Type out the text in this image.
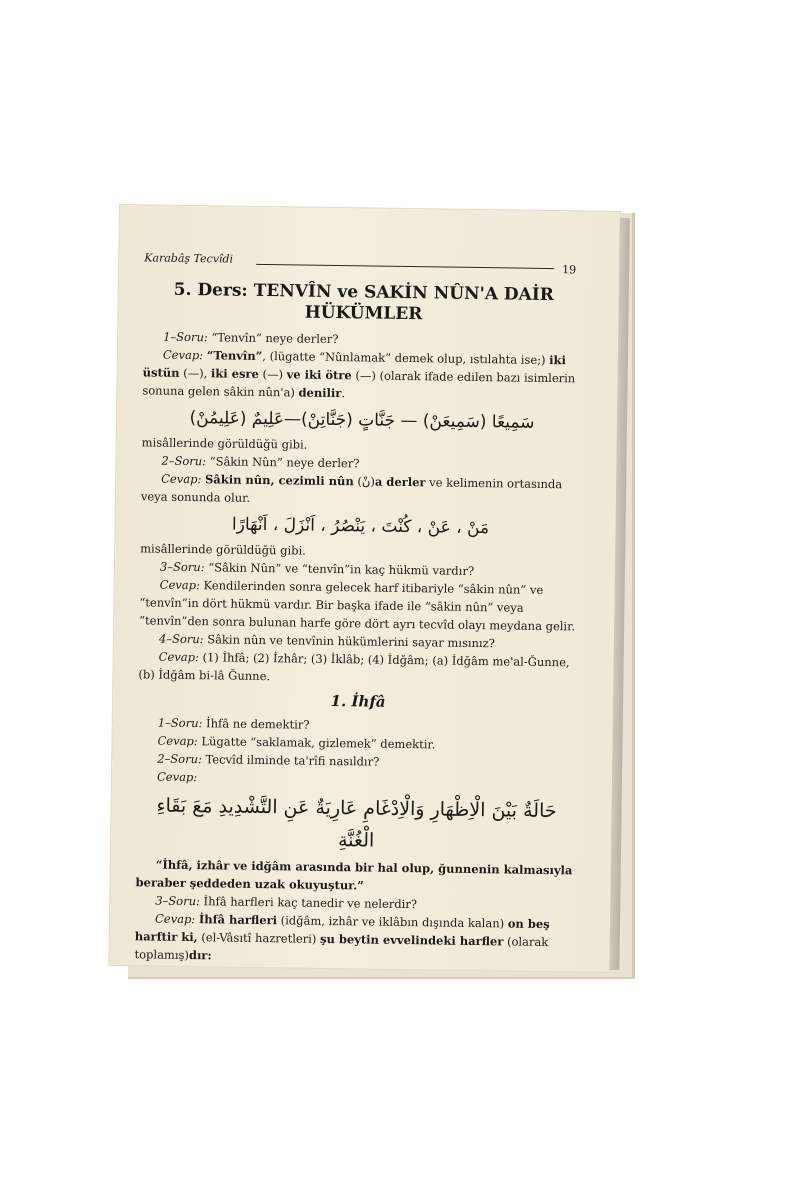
Karabâş Tecvîdi
19
5. Ders: TENVÎN ve SAKİN NÛN'A DAİR
HÜKÜMLER

1–Soru: “Tenvîn” neye derler?

Cevap: “Tenvîn”, (lügatte “Nûnlamak” demek olup, ıstılahta ise;) iki üstün (—), iki esre (—) ve iki ötre (—) (olarak ifade edilen bazı isimlerin sonuna gelen sâkin nûn'a) denilir.

سَمِيعًا (سَمِيعَنْ) — جَنَّاتٍ (جَنَّاتِنْ)—عَلِيمٌ (عَلِيمُنْ)

misâllerinde görüldüğü gibi.

2–Soru: “Sâkin Nûn” neye derler?

Cevap: Sâkin nûn, cezimli nûn (نْ)a derler ve kelimenin ortasında veya sonunda olur.

مَنْ ، عَنْ ، كُنْتَ ، يَنْصُرُ ، اَنْزَلَ ، اَنْهَارًا

misâllerinde görüldüğü gibi.

3–Soru: “Sâkin Nûn” ve “tenvîn”in kaç hükmü vardır?

Cevap: Kendilerinden sonra gelecek harf itibariyle “sâkin nûn” ve “tenvîn”in dört hükmü vardır. Bir başka ifade ile “sâkin nûn” veya “tenvîn”den sonra bulunan harfe göre dört ayrı tecvîd olayı meydana gelir.

4–Soru: Sâkin nûn ve tenvînin hükümlerini sayar mısınız?

Cevap: (1) İhfâ; (2) İzhâr; (3) İklâb; (4) İdğâm; (a) İdğâm me'al-Ğunne, (b) İdğâm bi-lâ Ğunne.

1. İhfâ

1–Soru: İhfâ ne demektir?

Cevap: Lügatte “saklamak, gizlemek” demektir.

2–Soru: Tecvîd ilminde ta'rîfi nasıldır?

Cevap:

حَالَةٌ بَيْنَ الْاِظْهَارِ وَالْاِدْغَامِ عَارِيَةٌ عَنِ التَّشْدِيدِ مَعَ بَقَاءِ الْغُنَّةِ

“İhfâ, izhâr ve idğâm arasında bir hal olup, ğunnenin kalmasıyla beraber şeddeden uzak okuyuştur.”

3–Soru: İhfâ harfleri kaç tanedir ve nelerdir?

Cevap: İhfâ harfleri (idğâm, izhâr ve iklâbın dışında kalan) on beş harftir ki, (el-Vâsıtî hazretleri) şu beytin evvelindeki harfler (olarak toplamış)dır:
